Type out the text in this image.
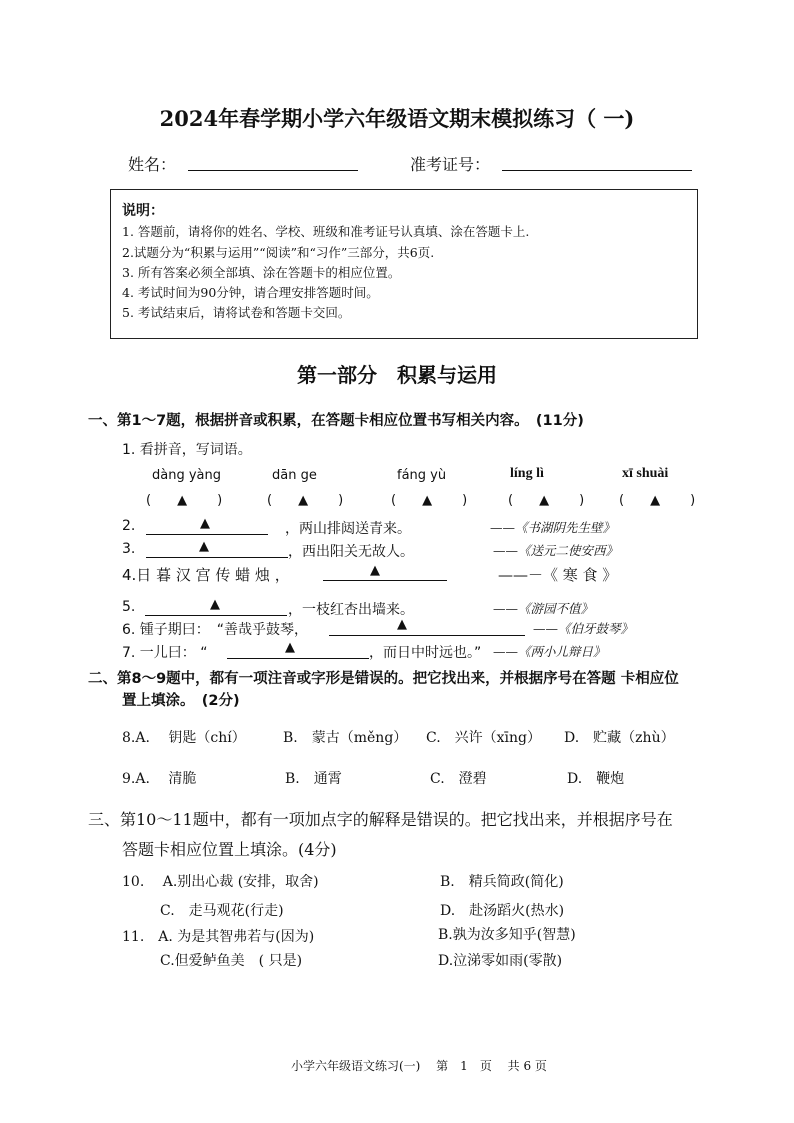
2024年春学期小学六年级语文期末模拟练习（ 一)
姓名：	准考证号：
说明：
1. 答题前，请将你的姓名、学校、班级和准考证号认真填、涂在答题卡上.
2.试题分为“积累与运用”“阅读”和“习作”三部分，共6页.
3. 所有答案必须全部填、涂在答题卡的相应位置。
4. 考试时间为90分钟，请合理安排答题时间。
5. 考试结束后，请将试卷和答题卡交回。
第一部分　积累与运用
一、第1～7题，根据拼音或积累，在答题卡相应位置书写相关内容。　(11分)
1. 看拼音，写词语。
dàng yàng	dān ge	fáng yù	líng lì	xī shuài
( ▲ )	( ▲ )	( ▲ )	( ▲ )	( ▲ )
2.	▲	，两山排闼送青来。	——《书湖阴先生壁》
3.	▲	，西出阳关无故人。	——《送元二使安西》
4.日 暮 汉 宫 传 蜡 烛 ，	▲	——－《 寒 食 》
5.	▲	，一枝红杏出墙来。	——《游园不值》
6. 锺子期曰：　“善哉乎鼓琴，	▲	——《伯牙鼓琴》
7. 一儿曰： “	▲	，而日中时远也。” ——《两小儿辩日》
二、第8～9题中，都有一项注音或字形是错误的。把它找出来，并根据序号在答题 卡相应位
置上填涂。　(2分)
8.A.　 钥匙（chí）	B.　蒙古（měng） C.　兴许（xīng） D.　贮藏（zhù）
9.A.　 清脆	B.　通霄	C.　澄碧	D.　鞭炮
三、第10～11题中，都有一项加点字的解释是错误的。把它找出来，并根据序号在
答题卡相应位置上填涂。(4分)
10.　 A.别出心裁 (安排，取舍)	B.　精兵简政(简化)
C.　走马观花(行走)	D.　赴汤蹈火(热水)
11.　A. 为是其智弗若与(因为)	B.孰为汝多知乎(智慧)
C.但爱鲈鱼美　( 只是)	D.泣涕零如雨(零散)
小学六年级语文练习(一)　 第　1　页　 共 6 页
